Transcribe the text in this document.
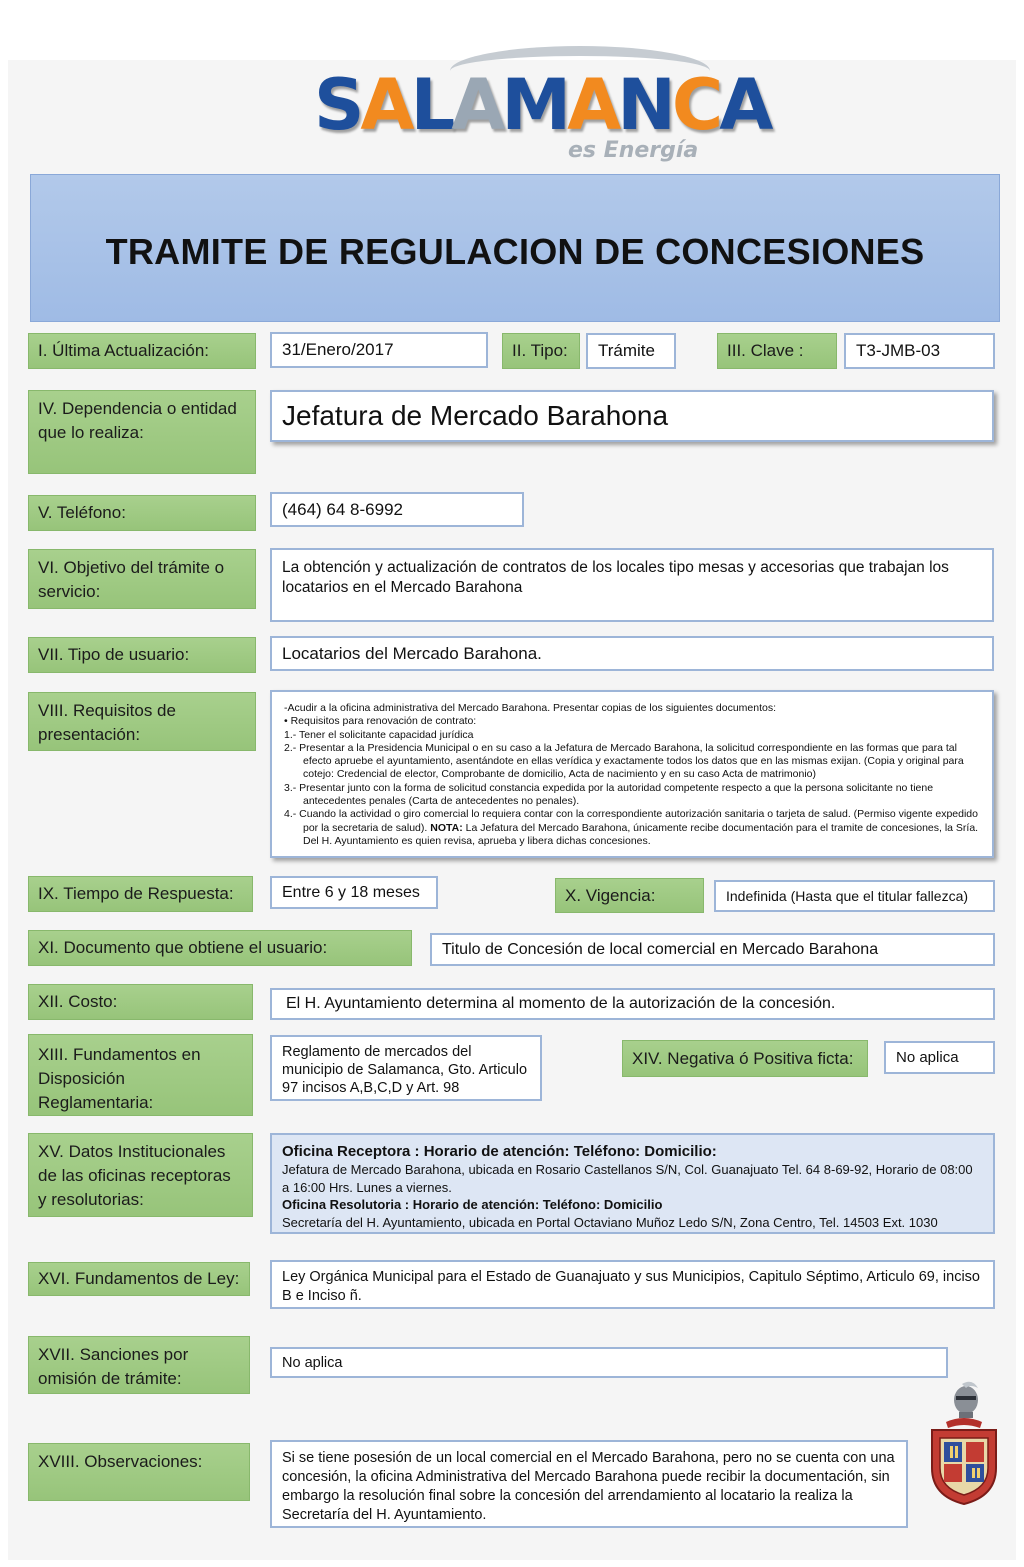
SALAMANCA
es Energía
TRAMITE DE REGULACION DE CONCESIONES
I. Última Actualización:	31/Enero/2017	II. Tipo:	Trámite	III. Clave :	T3-JMB-03
IV. Dependencia o entidad que lo realiza:
Jefatura de Mercado Barahona
V. Teléfono:	(464) 64 8-6992
VI. Objetivo del trámite o servicio:
La obtención y actualización de contratos de los locales tipo mesas y accesorias que trabajan los locatarios en el Mercado Barahona
VII. Tipo de usuario:	Locatarios del Mercado Barahona.
VIII. Requisitos de presentación:
-Acudir a la oficina administrativa del Mercado Barahona. Presentar copias de los siguientes documentos:
• Requisitos para renovación de contrato:
1.- Tener el solicitante capacidad jurídica
2.- Presentar a la Presidencia Municipal o en su caso a la Jefatura de Mercado Barahona, la solicitud correspondiente en las formas que para tal
efecto apruebe el ayuntamiento, asentándote en ellas verídica y exactamente todos los datos que en las mismas exijan. (Copia y original para
cotejo: Credencial de elector, Comprobante de domicilio, Acta de nacimiento y en su caso Acta de matrimonio)
3.- Presentar junto con la forma de solicitud constancia expedida por la autoridad competente respecto a que la persona solicitante no tiene
antecedentes penales (Carta de antecedentes no penales).
4.- Cuando la actividad o giro comercial lo requiera contar con la correspondiente autorización sanitaria o tarjeta de salud. (Permiso vigente expedido
por la secretaria de salud). NOTA: La Jefatura del Mercado Barahona, únicamente recibe documentación para el tramite de concesiones, la Sría.
Del H. Ayuntamiento es quien revisa, aprueba y libera dichas concesiones.
IX. Tiempo de Respuesta:	Entre 6 y 18 meses	X. Vigencia:	Indefinida (Hasta que el titular fallezca)
XI. Documento que obtiene el usuario:	Titulo de Concesión de local comercial en Mercado Barahona
XII. Costo:	El H. Ayuntamiento determina al momento de la autorización de la concesión.
XIII. Fundamentos en Disposición Reglamentaria:
Reglamento de mercados del municipio de Salamanca, Gto. Articulo 97 incisos A,B,C,D y Art. 98
XIV. Negativa ó Positiva ficta:	No aplica
XV. Datos Institucionales de las oficinas receptoras y resolutorias:
Oficina Receptora : Horario de atención: Teléfono: Domicilio:
Jefatura de Mercado Barahona, ubicada en Rosario Castellanos S/N, Col. Guanajuato Tel. 64 8-69-92, Horario de 08:00 a 16:00 Hrs. Lunes a viernes.
Oficina Resolutoria : Horario de atención: Teléfono: Domicilio
Secretaría del H. Ayuntamiento, ubicada en Portal Octaviano Muñoz Ledo S/N, Zona Centro, Tel. 14503 Ext. 1030
XVI. Fundamentos de Ley:	Ley Orgánica Municipal para el Estado de Guanajuato y sus Municipios, Capitulo Séptimo, Articulo 69, inciso B e Inciso ñ.
XVII. Sanciones por omisión de trámite:
No aplica
XVIII. Observaciones:	Si se tiene posesión de un local comercial en el Mercado Barahona, pero no se cuenta con una concesión, la oficina Administrativa del Mercado Barahona puede recibir la documentación, sin embargo la resolución final sobre la concesión del arrendamiento al locatario la realiza la Secretaría del H. Ayuntamiento.
